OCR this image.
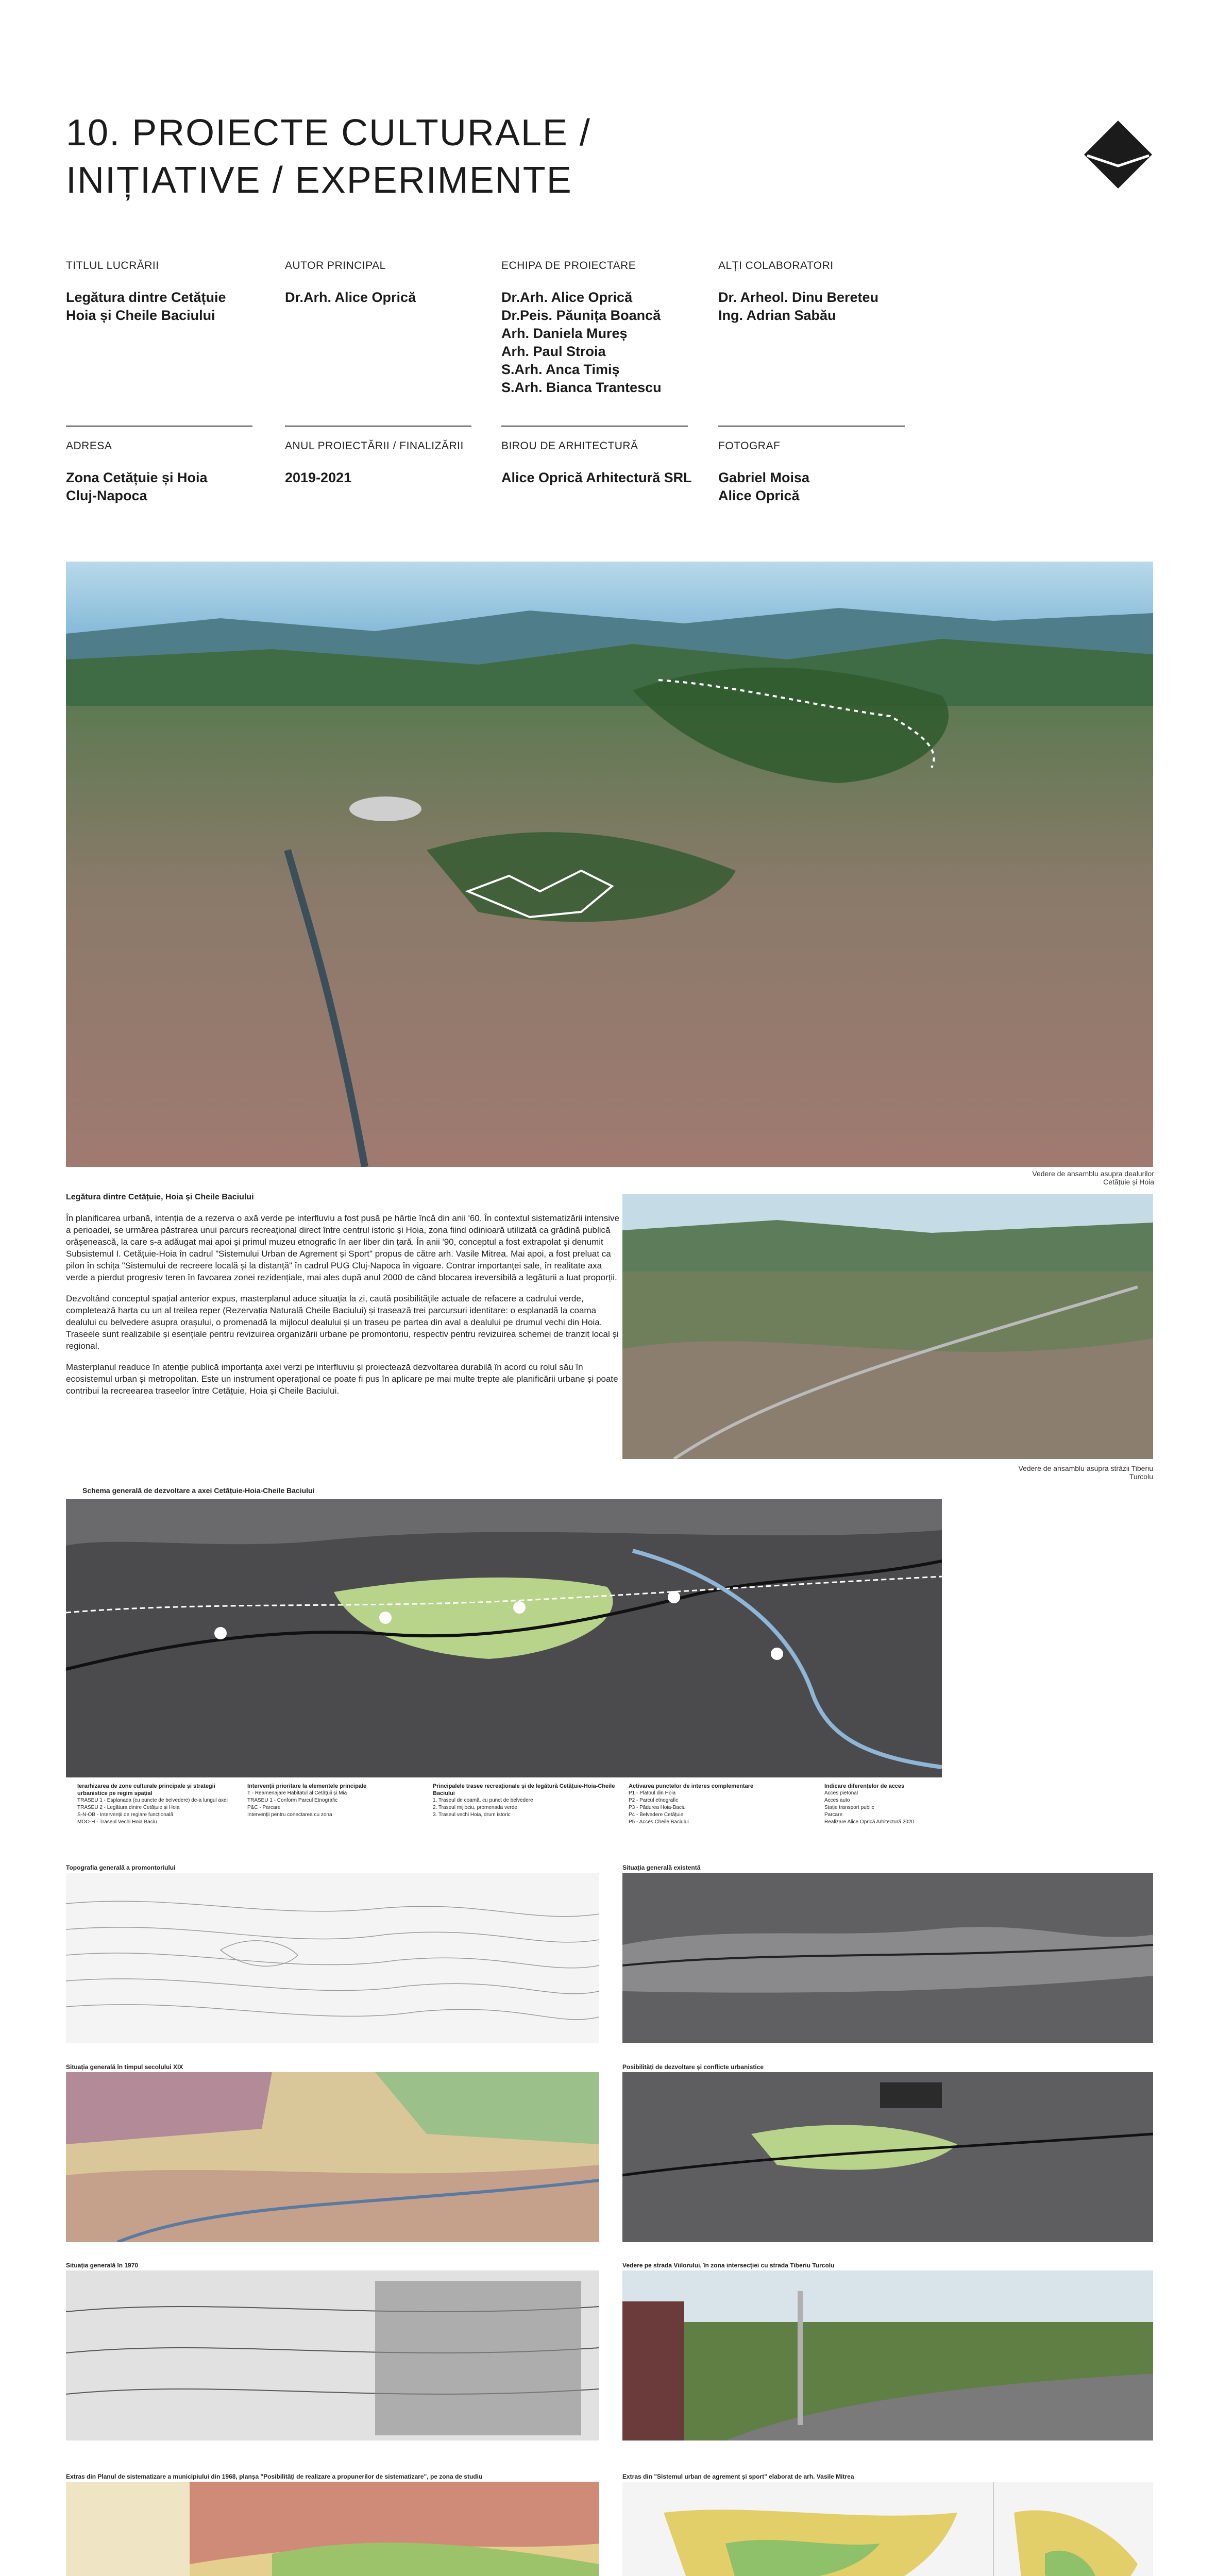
10. PROIECTE CULTURALE /
INIȚIATIVE / EXPERIMENTE
TITLUL LUCRĂRII
Legătura dintre Cetățuie
Hoia și Cheile Baciului
AUTOR PRINCIPAL
Dr.Arh. Alice Oprică
ECHIPA DE PROIECTARE
Dr.Arh. Alice Oprică
Dr.Peis. Păunița Boancă
Arh. Daniela Mureș
Arh. Paul Stroia
S.Arh. Anca Timiș
S.Arh. Bianca Trantescu
ALȚI COLABORATORI
Dr. Arheol. Dinu Bereteu
Ing. Adrian Sabău
ADRESA
Zona Cetățuie și Hoia
Cluj-Napoca
ANUL PROIECTĂRII / FINALIZĂRII
2019-2021
BIROU DE ARHITECTURĂ
Alice Oprică Arhitectură SRL
FOTOGRAF
Gabriel Moisa
Alice Oprică
Vedere de ansamblu asupra dealurilor Cetățuie și Hoia
Legătura dintre Cetățuie, Hoia și Cheile Baciului

În planificarea urbană, intenția de a rezerva o axă verde pe interfluviu a fost pusă pe hârtie încă din anii '60. În contextul sistematizării intensive a perioadei, se urmărea păstrarea unui parcurs recreațional direct între centrul istoric și Hoia, zona fiind odinioară utilizată ca grădină publică orășenească, la care s-a adăugat mai apoi și primul muzeu etnografic în aer liber din țară. În anii '90, conceptul a fost extrapolat și denumit Subsistemul I. Cetățuie-Hoia în cadrul "Sistemului Urban de Agrement și Sport" propus de către arh. Vasile Mitrea. Mai apoi, a fost preluat ca pilon în schița "Sistemului de recreere locală și la distanță" în cadrul PUG Cluj-Napoca în vigoare. Contrar importanței sale, în realitate axa verde a pierdut progresiv teren în favoarea zonei rezidențiale, mai ales după anul 2000 de când blocarea ireversibilă a legăturii a luat proporții.

Dezvoltând conceptul spațial anterior expus, masterplanul aduce situația la zi, caută posibilitățile actuale de refacere a cadrului verde, completează harta cu un al treilea reper (Rezervația Naturală Cheile Baciului) și trasează trei parcursuri identitare: o esplanadă la coama dealului cu belvedere asupra orașului, o promenadă la mijlocul dealului și un traseu pe partea din aval a dealului pe drumul vechi din Hoia. Traseele sunt realizabile și esențiale pentru revizuirea organizării urbane pe promontoriu, respectiv pentru revizuirea schemei de tranzit local și regional.

Masterplanul readuce în atenție publică importanța axei verzi pe interfluviu și proiectează dezvoltarea durabilă în acord cu rolul său în ecosistemul urban și metropolitan. Este un instrument operațional ce poate fi pus în aplicare pe mai multe trepte ale planificării urbane și poate contribui la recreearea traseelor între Cetățuie, Hoia și Cheile Baciului.

Vedere de ansamblu asupra străzii Tiberiu Turcolu
Schema generală de dezvoltare a axei Cetățuie-Hoia-Cheile Baciului
Ierarhizarea de zone culturale principale și strategii urbanistice pe regim spațial
TRASEU 1 - Esplanada (cu puncte de belvedere) de-a lungul axei
TRASEU 2 - Legătura dintre Cetățuie și Hoia
S-N-OB - Intervenții de reglare funcțională
MOO-H - Traseul Vechi Hoia Baciu
Intervenții prioritare la elementele principale
T - Reamenajare Habitatul al Cetățuii și Mia
TRASEU 1 - Conform Parcul Etnografic
P&C - Parcare
Intervenții pentru conectarea cu zona
Principalele trasee recreaționale și de legătură Cetățuie-Hoia-Cheile Baciului
1. Traseul de coamă, cu punct de belvedere
2. Traseul mijlociu, promenada verde
3. Traseul vechi Hoia, drum istoric
Activarea punctelor de interes complementare
P1 - Platoul din Hoia
P2 - Parcul etnografic
P3 - Pădurea Hoia-Baciu
P4 - Belvedere Cetățuie
P5 - Acces Cheile Baciului
Indicare diferențelor de acces
Acces pietonal
Acces auto
Stație transport public
Parcare
Realizare Alice Oprică Arhitectură 2020
Topografia generală a promontoriului	Situația generală existentă
Situația generală în timpul secolului XIX	Posibilități de dezvoltare și conflicte urbanistice
Situația generală în 1970	Vedere pe strada Viilorului, în zona intersecției cu strada Tiberiu Turcolu
Extras din Planul de sistematizare a municipiului din 1968, planșa "Posibilități de realizare a propunerilor de sistematizare", pe zona de studiu	Extras din "Sistemul urban de agrement și sport" elaborat de arh. Vasile Mitrea
